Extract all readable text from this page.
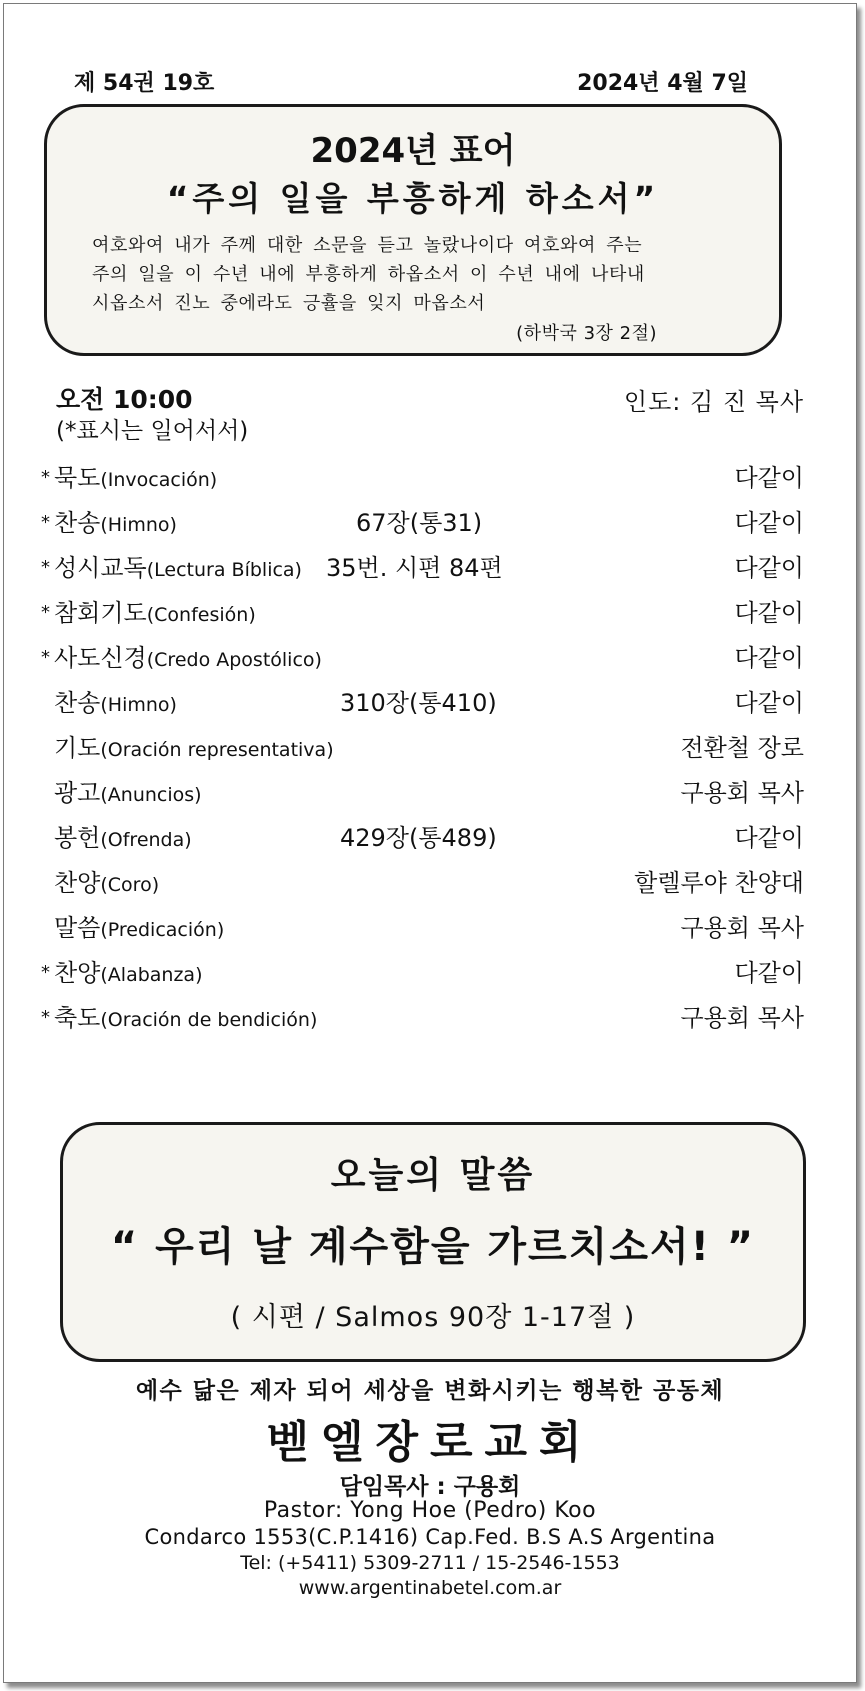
제 54권 19호	2024년 4월 7일
2024년 표어
“주의 일을 부흥하게 하소서”
여호와여 내가 주께 대한 소문을 듣고 놀랐나이다 여호와여 주는
주의 일을 이 수년 내에 부흥하게 하옵소서 이 수년 내에 나타내
시옵소서 진노 중에라도 긍휼을 잊지 마옵소서
(하박국 3장 2절)
오전 10:00
(*표시는 일어서서)
인도: 김 진 목사
* 묵도(Invocación)	다같이
* 찬송(Himno)	67장(통31)	다같이
* 성시교독(Lectura Bíblica) 35번. 시편 84편	다같이
* 참회기도(Confesión)	다같이
* 사도신경(Credo Apostólico)	다같이
찬송(Himno)	310장(통410)	다같이
기도(Oración representativa)	전환철 장로
광고(Anuncios)	구용회 목사
봉헌(Ofrenda)	429장(통489)	다같이
찬양(Coro)	할렐루야 찬양대
말씀(Predicación)	구용회 목사
* 찬양(Alabanza)	다같이
* 축도(Oración de bendición)	구용회 목사
오늘의 말씀
“ 우리 날 계수함을 가르치소서! ”
( 시편 / Salmos 90장 1-17절 )
예수 닮은 제자 되어 세상을 변화시키는 행복한 공동체
벧엘장로교회
담임목사 : 구용회
Pastor: Yong Hoe (Pedro) Koo
Condarco 1553(C.P.1416) Cap.Fed. B.S A.S Argentina
Tel: (+5411) 5309-2711 / 15-2546-1553
www.argentinabetel.com.ar
